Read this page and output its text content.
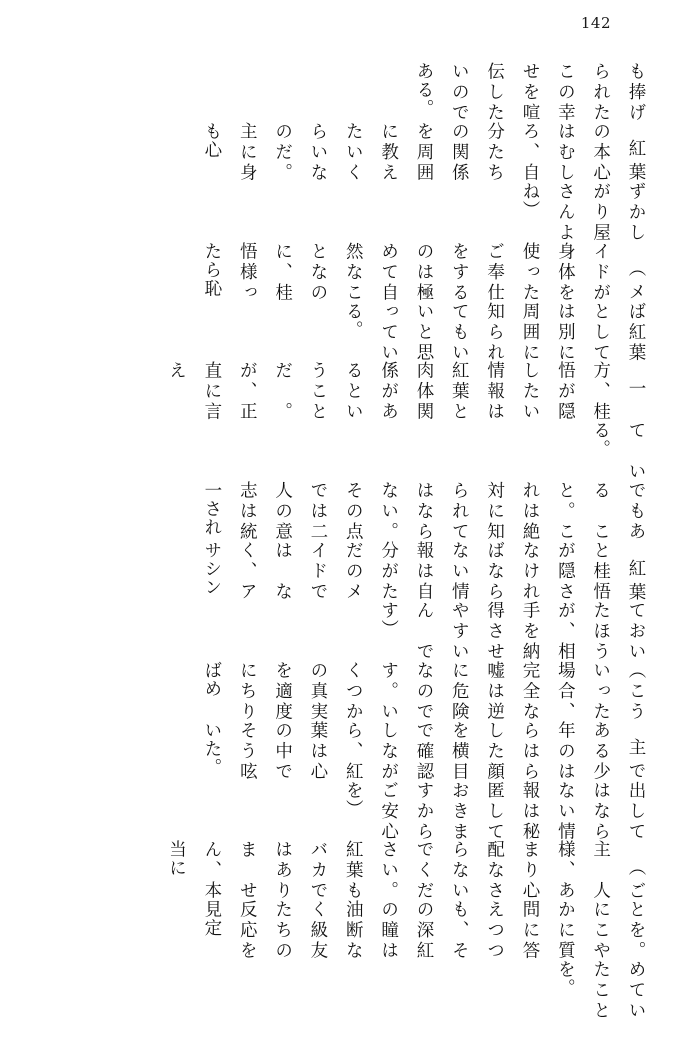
142
めていたことを。
とを。にこやかに質問に答えつつも、その深紅の瞳は油断なく級友たちの反応を見定
（ご主人様、あまり心配なさらないでください。紅葉もバカではありません、本当に
出してはならない情報は秘匿しておきますからご安心を）
主である少年のはらはらした顔を横目で確認しながら、紅葉は心の中でそう呟いた。
（こういった場合、完全な嘘は逆に危険なのです。いくつかの真実を適度にちりばめ
ておいたほうが、相手を納得させやすいんです）
紅葉と桂悟が隠さなければならない情報は自分がただのメイドではなく、アサシン
でもあること。これは絶対に知られてはならない。その点では二人の意志は統一され
ている。
一方、桂悟が隠したい情報は紅葉と肉体関係があるということだ。が、正直に言え
ば紅葉としては別に周囲に知られてもいいと思っている。
（メイドが身体を使ったご奉仕をするのは極めて自然なことなのに、桂悟様ったら恥
ずかしがり屋さんよね）
紅葉の本心はむしろ、自分たちの関係を周囲に教えたいくらいなのだ。主に身も心
も捧げられたこの幸せを喧伝したいのである。
